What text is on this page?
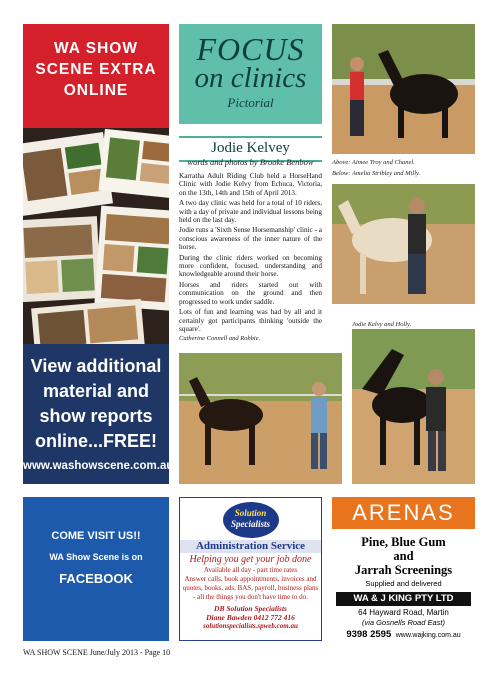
WA SHOW
SCENE EXTRA
ONLINE
View additional
material and
show reports
online...FREE!
www.washowscene.com.au
COME VISIT US!!
WA Show Scene is on
FACEBOOK
FOCUS
on clinics
Pictorial
Jodie Kelvey
words and photos by Brooke Benbow

Karratha Adult Riding Club held a HorseHand Clinic with Jodie Kelvy from Echuca, Victoria, on the 13th, 14th and 15th of April 2013.

A two day clinic was held for a total of 10 riders, with a day of private and individual lessons being held on the last day.

Jodie runs a 'Sixth Sense Horsemanship' clinic - a conscious awareness of the inner nature of the horse.

During the clinic riders worked on becoming more confident, focused, understanding and knowledgeable around their horse.

Horses and riders started out with communication on the ground and then progressed to work under saddle.

Lots of fun and learning was had by all and it certainly got participants thinking 'outside the square'.

Catherine Connell and Robbie.
Above: Aimee Troy and Chanel.
Below: Amelia Stribley and Milly.
Jodie Kelvy and Holly.
Solution
Specialists
Administration Service
Helping you get your job done
Available all day - part time rates
Answer calls, book appointments, invoices and
quotes, books, ads, BAS, payroll, business plans
- all the things you don't have time to do.
DB Solution Specialists
Diane Bawden 0412 772 416
solutionspecialists.spweb.com.au
ARENAS
Pine, Blue Gum
and
Jarrah Screenings
Supplied and delivered
WA & J KING PTY LTD
64 Hayward Road, Martin
(via Gosnells Road East)
9398 2595 www.wajking.com.au
WA SHOW SCENE June/July 2013 - Page 10
